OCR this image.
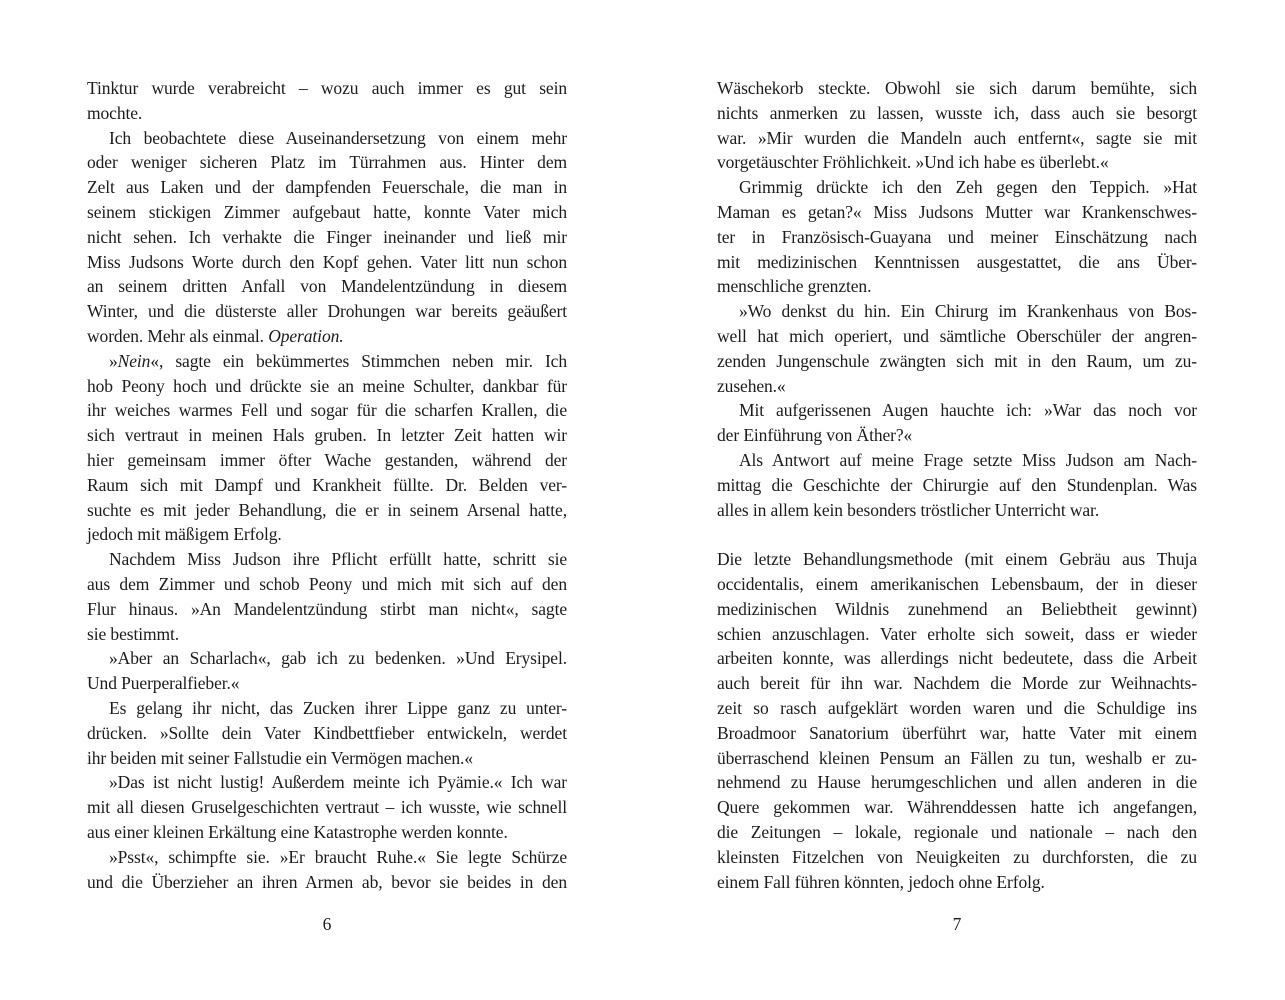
Tinktur wurde verabreicht – wozu auch immer es gut sein
mochte.
Ich beobachtete diese Auseinandersetzung von einem mehr
oder weniger sicheren Platz im Türrahmen aus. Hinter dem
Zelt aus Laken und der dampfenden Feuerschale, die man in
seinem stickigen Zimmer aufgebaut hatte, konnte Vater mich
nicht sehen. Ich verhakte die Finger ineinander und ließ mir
Miss Judsons Worte durch den Kopf gehen. Vater litt nun schon
an seinem dritten Anfall von Mandelentzündung in diesem
Winter, und die düsterste aller Drohungen war bereits geäußert
worden. Mehr als einmal. Operation.
»Nein«, sagte ein bekümmertes Stimmchen neben mir. Ich
hob Peony hoch und drückte sie an meine Schulter, dankbar für
ihr weiches warmes Fell und sogar für die scharfen Krallen, die
sich vertraut in meinen Hals gruben. In letzter Zeit hatten wir
hier gemeinsam immer öfter Wache gestanden, während der
Raum sich mit Dampf und Krankheit füllte. Dr. Belden ver-
suchte es mit jeder Behandlung, die er in seinem Arsenal hatte,
jedoch mit mäßigem Erfolg.
Nachdem Miss Judson ihre Pflicht erfüllt hatte, schritt sie
aus dem Zimmer und schob Peony und mich mit sich auf den
Flur hinaus. »An Mandelentzündung stirbt man nicht«, sagte
sie bestimmt.
»Aber an Scharlach«, gab ich zu bedenken. »Und Erysipel.
Und Puerperalfieber.«
Es gelang ihr nicht, das Zucken ihrer Lippe ganz zu unter-
drücken. »Sollte dein Vater Kindbettfieber entwickeln, werdet
ihr beiden mit seiner Fallstudie ein Vermögen machen.«
»Das ist nicht lustig! Außerdem meinte ich Pyämie.« Ich war
mit all diesen Gruselgeschichten vertraut – ich wusste, wie schnell
aus einer kleinen Erkältung eine Katastrophe werden konnte.
»Psst«, schimpfte sie. »Er braucht Ruhe.« Sie legte Schürze
und die Überzieher an ihren Armen ab, bevor sie beides in den
6
Wäschekorb steckte. Obwohl sie sich darum bemühte, sich
nichts anmerken zu lassen, wusste ich, dass auch sie besorgt
war. »Mir wurden die Mandeln auch entfernt«, sagte sie mit
vorgetäuschter Fröhlichkeit. »Und ich habe es überlebt.«
Grimmig drückte ich den Zeh gegen den Teppich. »Hat
Maman es getan?« Miss Judsons Mutter war Krankenschwes-
ter in Französisch-Guayana und meiner Einschätzung nach
mit medizinischen Kenntnissen ausgestattet, die ans Über-
menschliche grenzten.
»Wo denkst du hin. Ein Chirurg im Krankenhaus von Bos-
well hat mich operiert, und sämtliche Oberschüler der angren-
zenden Jungenschule zwängten sich mit in den Raum, um zu-
zusehen.«
Mit aufgerissenen Augen hauchte ich: »War das noch vor
der Einführung von Äther?«
Als Antwort auf meine Frage setzte Miss Judson am Nach-
mittag die Geschichte der Chirurgie auf den Stundenplan. Was
alles in allem kein besonders tröstlicher Unterricht war.
Die letzte Behandlungsmethode (mit einem Gebräu aus Thuja
occidentalis, einem amerikanischen Lebensbaum, der in dieser
medizinischen Wildnis zunehmend an Beliebtheit gewinnt)
schien anzuschlagen. Vater erholte sich soweit, dass er wieder
arbeiten konnte, was allerdings nicht bedeutete, dass die Arbeit
auch bereit für ihn war. Nachdem die Morde zur Weihnachts-
zeit so rasch aufgeklärt worden waren und die Schuldige ins
Broadmoor Sanatorium überführt war, hatte Vater mit einem
überraschend kleinen Pensum an Fällen zu tun, weshalb er zu-
nehmend zu Hause herumgeschlichen und allen anderen in die
Quere gekommen war. Währenddessen hatte ich angefangen,
die Zeitungen – lokale, regionale und nationale – nach den
kleinsten Fitzelchen von Neuigkeiten zu durchforsten, die zu
einem Fall führen könnten, jedoch ohne Erfolg.
7
